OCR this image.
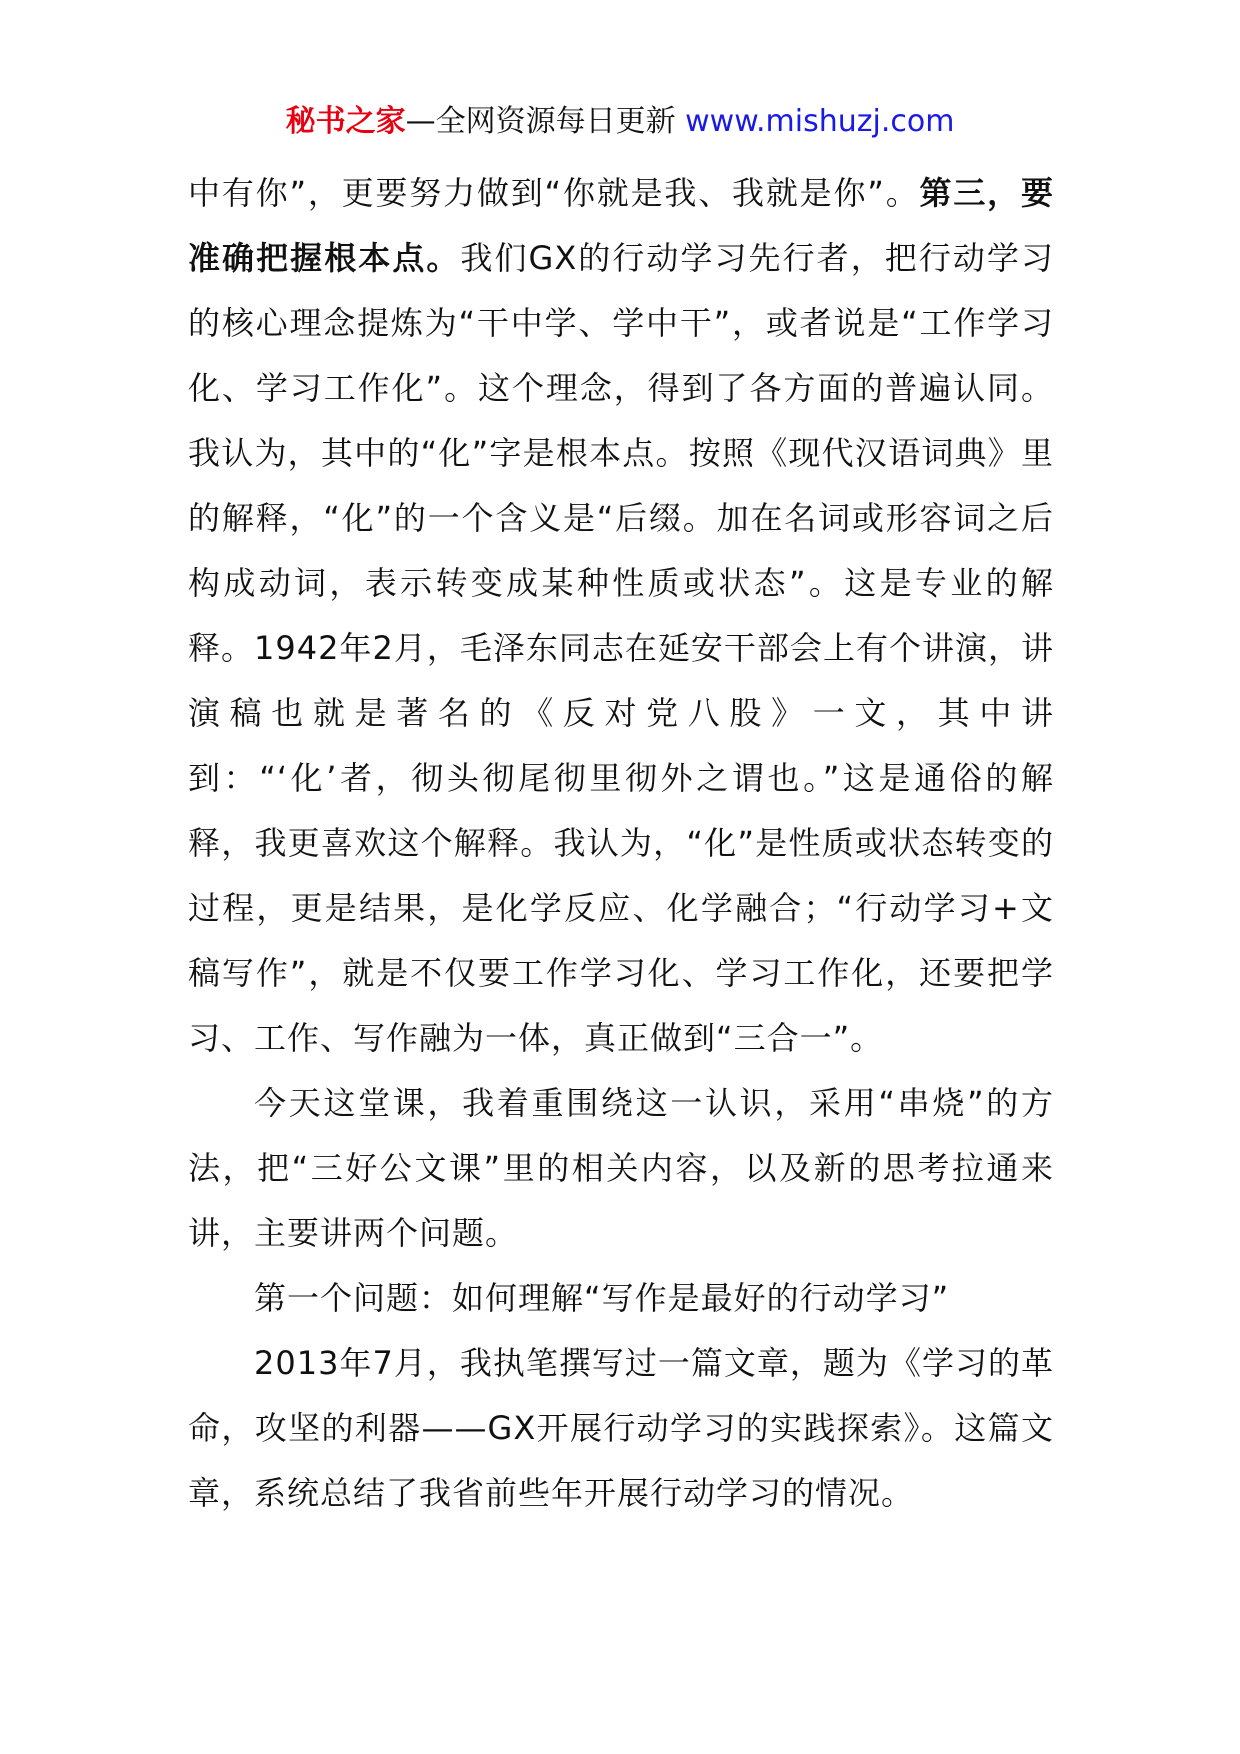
秘书之家—全网资源每日更新 www.mishuzj.com

中有你”，更要努力做到“你就是我、我就是你”。第三，要准确把握根本点。我们GX的行动学习先行者，把行动学习的核心理念提炼为“干中学、学中干”，或者说是“工作学习化、学习工作化”。这个理念，得到了各方面的普遍认同。我认为，其中的“化”字是根本点。按照《现代汉语词典》里的解释，“化”的一个含义是“后缀。加在名词或形容词之后构成动词，表示转变成某种性质或状态”。这是专业的解释。1942年2月，毛泽东同志在延安干部会上有个讲演，讲演稿也就是著名的《反对党八股》一文，其中讲到：“‘化’者，彻头彻尾彻里彻外之谓也。”这是通俗的解释，我更喜欢这个解释。我认为，“化”是性质或状态转变的过程，更是结果，是化学反应、化学融合；“行动学习+文稿写作”，就是不仅要工作学习化、学习工作化，还要把学习、工作、写作融为一体，真正做到“三合一”。

今天这堂课，我着重围绕这一认识，采用“串烧”的方法，把“三好公文课”里的相关内容，以及新的思考拉通来讲，主要讲两个问题。

第一个问题：如何理解“写作是最好的行动学习”

2013年7月，我执笔撰写过一篇文章，题为《学习的革命，攻坚的利器——GX开展行动学习的实践探索》。这篇文章，系统总结了我省前些年开展行动学习的情况。
